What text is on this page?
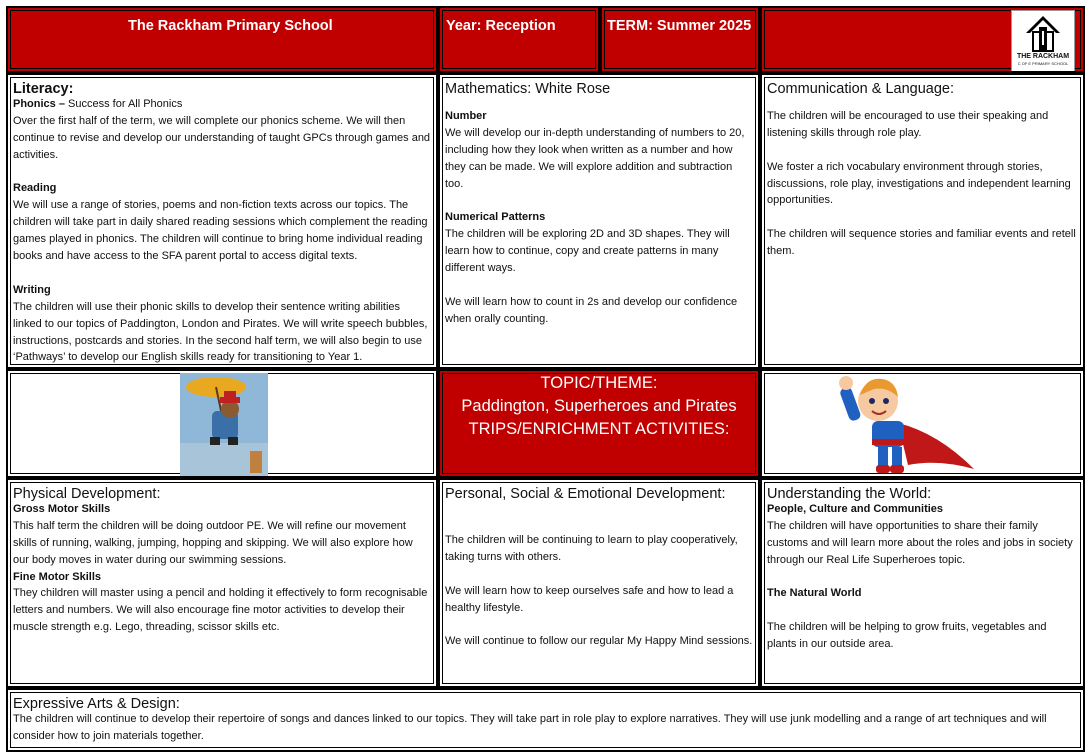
The Rackham Primary School	Year: Reception	TERM: Summer 2025
THE RACKHAM
C OF E PRIMARY SCHOOL
Literacy:
Phonics – Success for All Phonics
Over the first half of the term, we will complete our phonics scheme. We will then continue to revise and develop our understanding of taught GPCs through games and activities.
Reading
We will use a range of stories, poems and non-fiction texts across our topics. The children will take part in daily shared reading sessions which complement the reading games played in phonics. The children will continue to bring home individual reading books and have access to the SFA parent portal to access digital texts.
Writing
The children will use their phonic skills to develop their sentence writing abilities linked to our topics of Paddington, London and Pirates. We will write speech bubbles, instructions, postcards and stories. In the second half term, we will also begin to use ‘Pathways’ to develop our English skills ready for transitioning to Year 1.
Mathematics: White Rose
Number
We will develop our in-depth understanding of numbers to 20, including how they look when written as a number and how they can be made. We will explore addition and subtraction too.
Numerical Patterns
The children will be exploring 2D and 3D shapes. They will learn how to continue, copy and create patterns in many different ways.
We will learn how to count in 2s and develop our confidence when orally counting.
Communication & Language:
The children will be encouraged to use their speaking and listening skills through role play.
We foster a rich vocabulary environment through stories, discussions, role play, investigations and independent learning opportunities.
The children will sequence stories and familiar events and retell them.
TOPIC/THEME:
Paddington, Superheroes and Pirates
TRIPS/ENRICHMENT ACTIVITIES:
Physical Development:
Gross Motor Skills
This half term the children will be doing outdoor PE. We will refine our movement skills of running, walking, jumping, hopping and skipping. We will also explore how our body moves in water during our swimming sessions.
Fine Motor Skills
They children will master using a pencil and holding it effectively to form recognisable letters and numbers. We will also encourage fine motor activities to develop their muscle strength e.g. Lego, threading, scissor skills etc.
Personal, Social & Emotional Development:
The children will be continuing to learn to play cooperatively, taking turns with others.
We will learn how to keep ourselves safe and how to lead a healthy lifestyle.
We will continue to follow our regular My Happy Mind sessions.
Understanding the World:
People, Culture and Communities
The children will have opportunities to share their family customs and will learn more about the roles and jobs in society through our Real Life Superheroes topic.
The Natural World
The children will be helping to grow fruits, vegetables and plants in our outside area.
Expressive Arts & Design:
The children will continue to develop their repertoire of songs and dances linked to our topics. They will take part in role play to explore narratives. They will use junk modelling and a range of art techniques and will consider how to join materials together.
